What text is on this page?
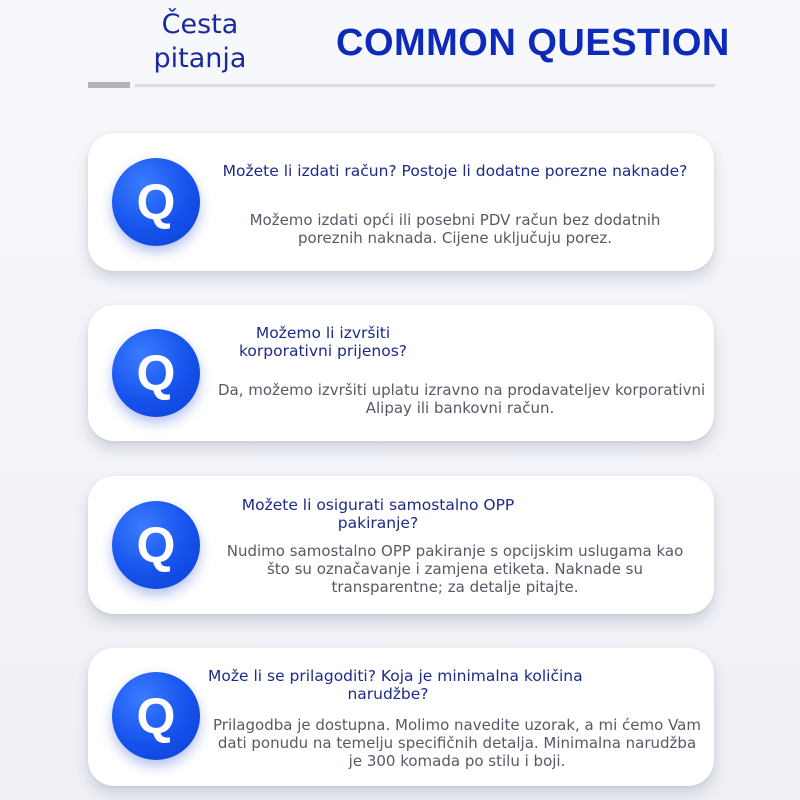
Česta pitanja COMMON QUESTION
Q
Možete li izdati račun? Postoje li dodatne porezne naknade?
Možemo izdati opći ili posebni PDV račun bez dodatnih
poreznih naknada. Cijene uključuju porez.
Q
Možemo li izvršiti
korporativni prijenos?
Da, možemo izvršiti uplatu izravno na prodavateljev korporativni
Alipay ili bankovni račun.
Q
Možete li osigurati samostalno OPP
pakiranje?
Nudimo samostalno OPP pakiranje s opcijskim uslugama kao
što su označavanje i zamjena etiketa. Naknade su
transparentne; za detalje pitajte.
Q
Može li se prilagoditi? Koja je minimalna količina
narudžbe?
Prilagodba je dostupna. Molimo navedite uzorak, a mi ćemo Vam
dati ponudu na temelju specifičnih detalja. Minimalna narudžba
je 300 komada po stilu i boji.
